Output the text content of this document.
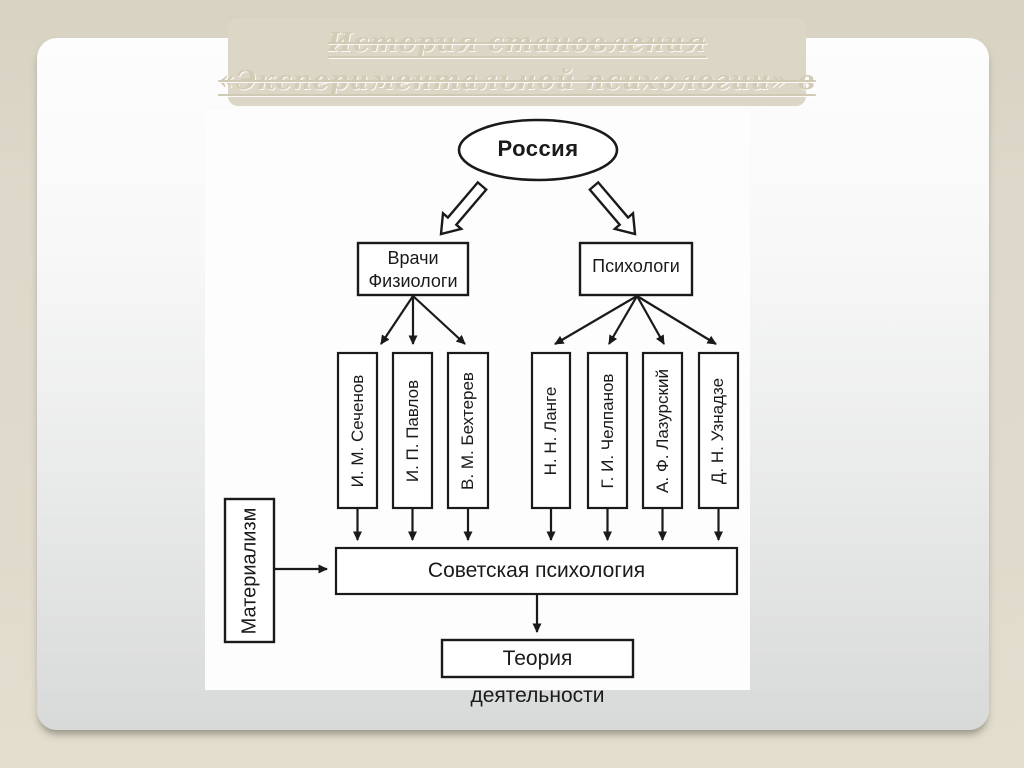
История становления
«Экспериментальной психологии» в
Россия
Врачи
Физиологи
Психологи
И. М. Сеченов	И. П. Павлов	В. М. Бехтерев	Н. Н. Ланге	Г. И. Челпанов	А. Ф. Лазурский	Д. Н. Узнадзе
Советская психология
Материализм
Теория деятельности
